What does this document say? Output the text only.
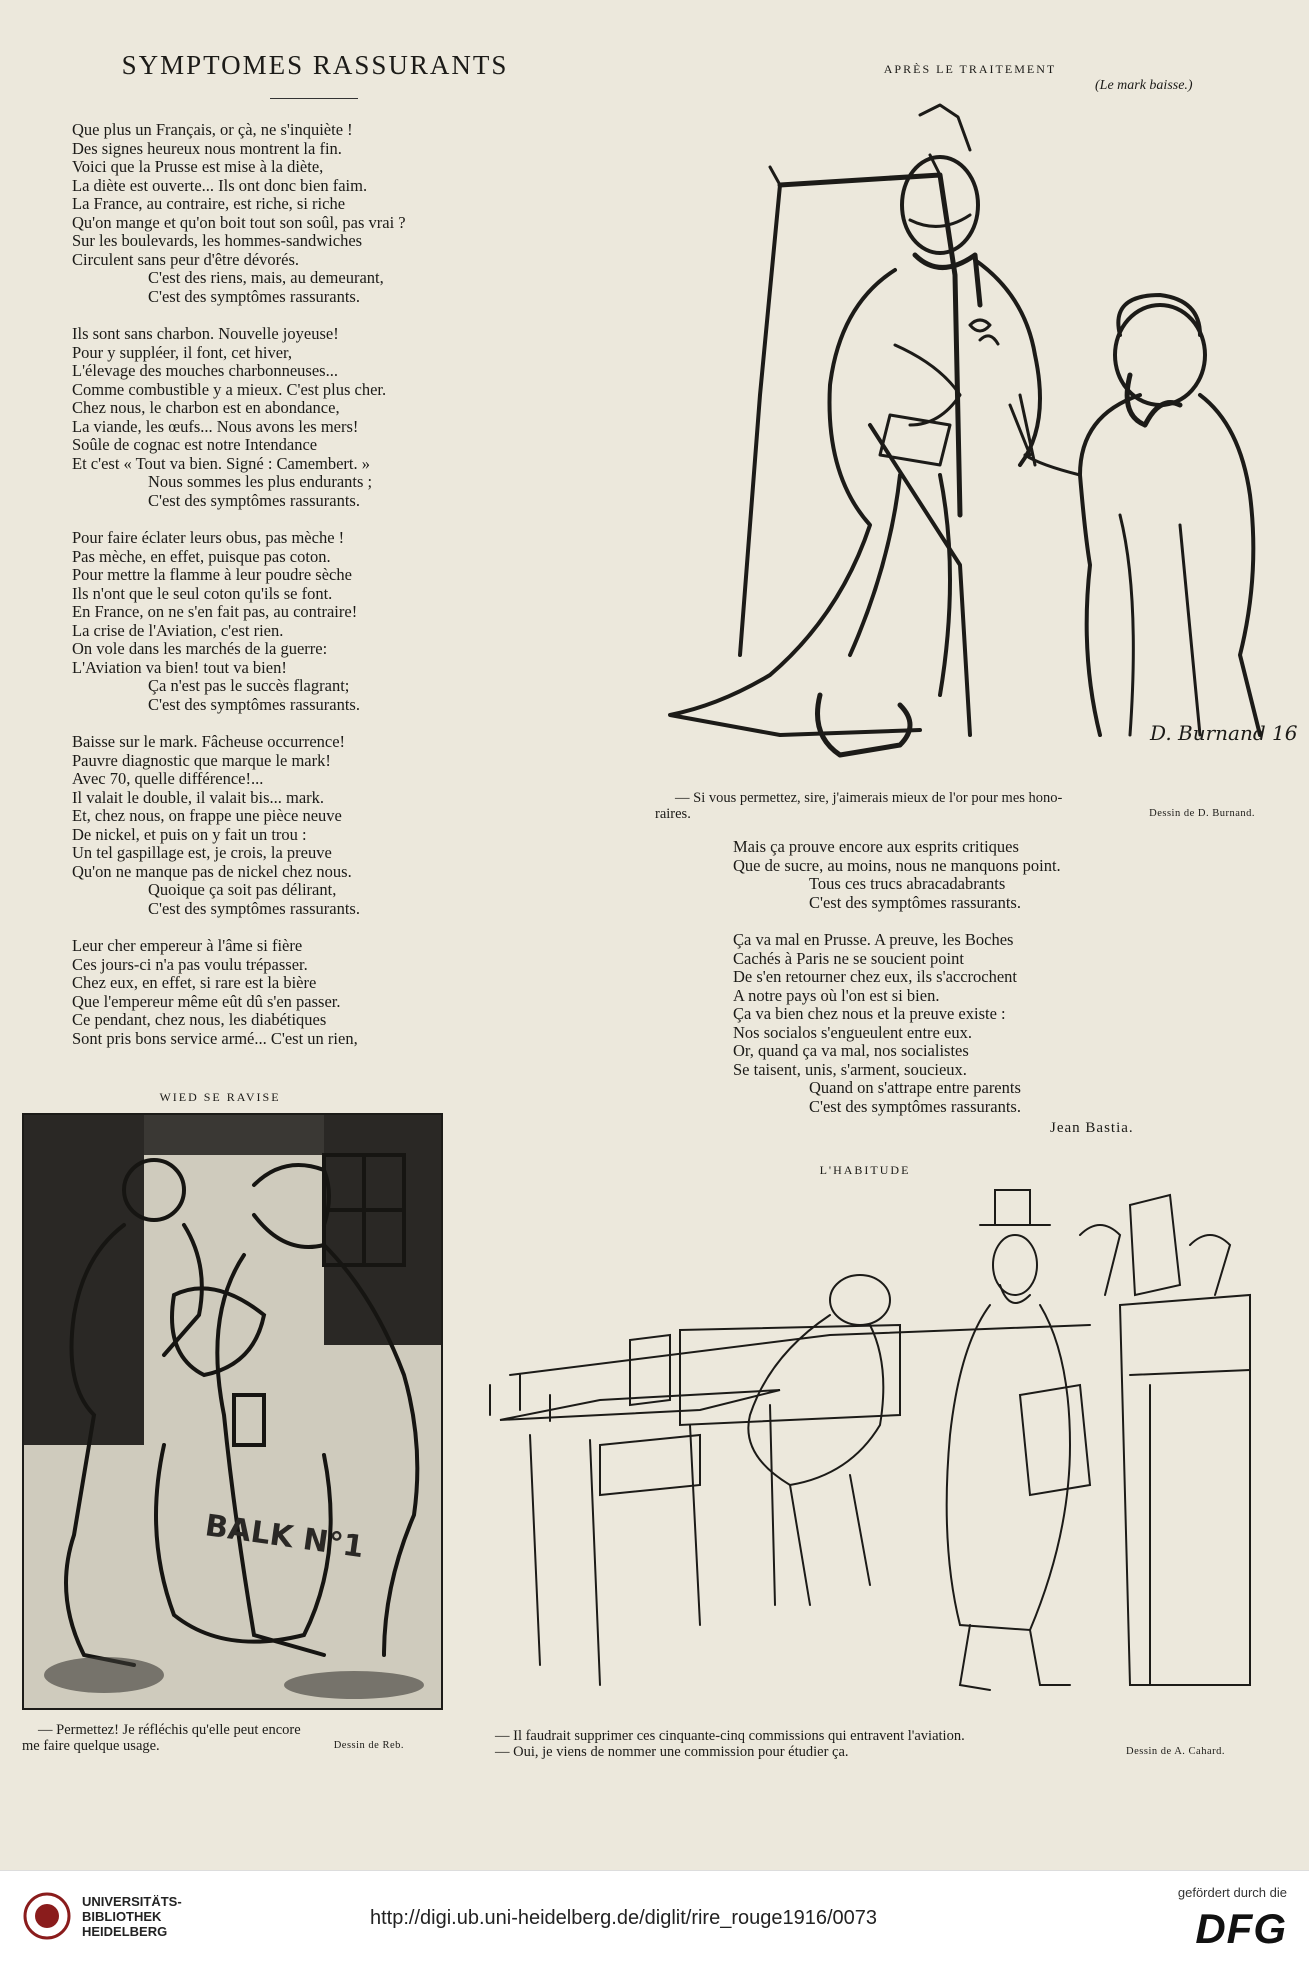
SYMPTOMES RASSURANTS
Que plus un Français, or çà, ne s'inquiète !
Des signes heureux nous montrent la fin.
Voici que la Prusse est mise à la diète,
La diète est ouverte... Ils ont donc bien faim.
La France, au contraire, est riche, si riche
Qu'on mange et qu'on boit tout son soûl, pas vrai ?
Sur les boulevards, les hommes-sandwiches
Circulent sans peur d'être dévorés.
C'est des riens, mais, au demeurant,
C'est des symptômes rassurants.
Ils sont sans charbon. Nouvelle joyeuse!
Pour y suppléer, il font, cet hiver,
L'élevage des mouches charbonneuses...
Comme combustible y a mieux. C'est plus cher.
Chez nous, le charbon est en abondance,
La viande, les œufs... Nous avons les mers!
Soûle de cognac est notre Intendance
Et c'est « Tout va bien. Signé : Camembert. »
Nous sommes les plus endurants ;
C'est des symptômes rassurants.
Pour faire éclater leurs obus, pas mèche !
Pas mèche, en effet, puisque pas coton.
Pour mettre la flamme à leur poudre sèche
Ils n'ont que le seul coton qu'ils se font.
En France, on ne s'en fait pas, au contraire!
La crise de l'Aviation, c'est rien.
On vole dans les marchés de la guerre:
L'Aviation va bien! tout va bien!
Ça n'est pas le succès flagrant;
C'est des symptômes rassurants.
Baisse sur le mark. Fâcheuse occurrence!
Pauvre diagnostic que marque le mark!
Avec 70, quelle différence!...
Il valait le double, il valait bis... mark.
Et, chez nous, on frappe une pièce neuve
De nickel, et puis on y fait un trou :
Un tel gaspillage est, je crois, la preuve
Qu'on ne manque pas de nickel chez nous.
Quoique ça soit pas délirant,
C'est des symptômes rassurants.
Leur cher empereur à l'âme si fière
Ces jours-ci n'a pas voulu trépasser.
Chez eux, en effet, si rare est la bière
Que l'empereur même eût dû s'en passer.
Ce pendant, chez nous, les diabétiques
Sont pris bons service armé... C'est un rien,
APRÈS LE TRAITEMENT
(Le mark baisse.)
D. Burnand 16
— Si vous permettez, sire, j'aimerais mieux de l'or pour mes hono-
raires.	Dessin de D. Burnand.
Mais ça prouve encore aux esprits critiques
Que de sucre, au moins, nous ne manquons point.
Tous ces trucs abracadabrants
C'est des symptômes rassurants.
Ça va mal en Prusse. A preuve, les Boches
Cachés à Paris ne se soucient point
De s'en retourner chez eux, ils s'accrochent
A notre pays où l'on est si bien.
Ça va bien chez nous et la preuve existe :
Nos socialos s'engueulent entre eux.
Or, quand ça va mal, nos socialistes
Se taisent, unis, s'arment, soucieux.
Quand on s'attrape entre parents
C'est des symptômes rassurants.
Jean Bastia.
WIED SE RAVISE
BALK N°1
— Permettez! Je réfléchis qu'elle peut encore
me faire quelque usage.	Dessin de Reb.
L'HABITUDE
— Il faudrait supprimer ces cinquante-cinq commissions qui entravent l'aviation.
— Oui, je viens de nommer une commission pour étudier ça.	Dessin de A. Cahard.
UNIVERSITÄTS-
BIBLIOTHEK
HEIDELBERG
http://digi.ub.uni-heidelberg.de/diglit/rire_rouge1916/0073
gefördert durch die
DFG
